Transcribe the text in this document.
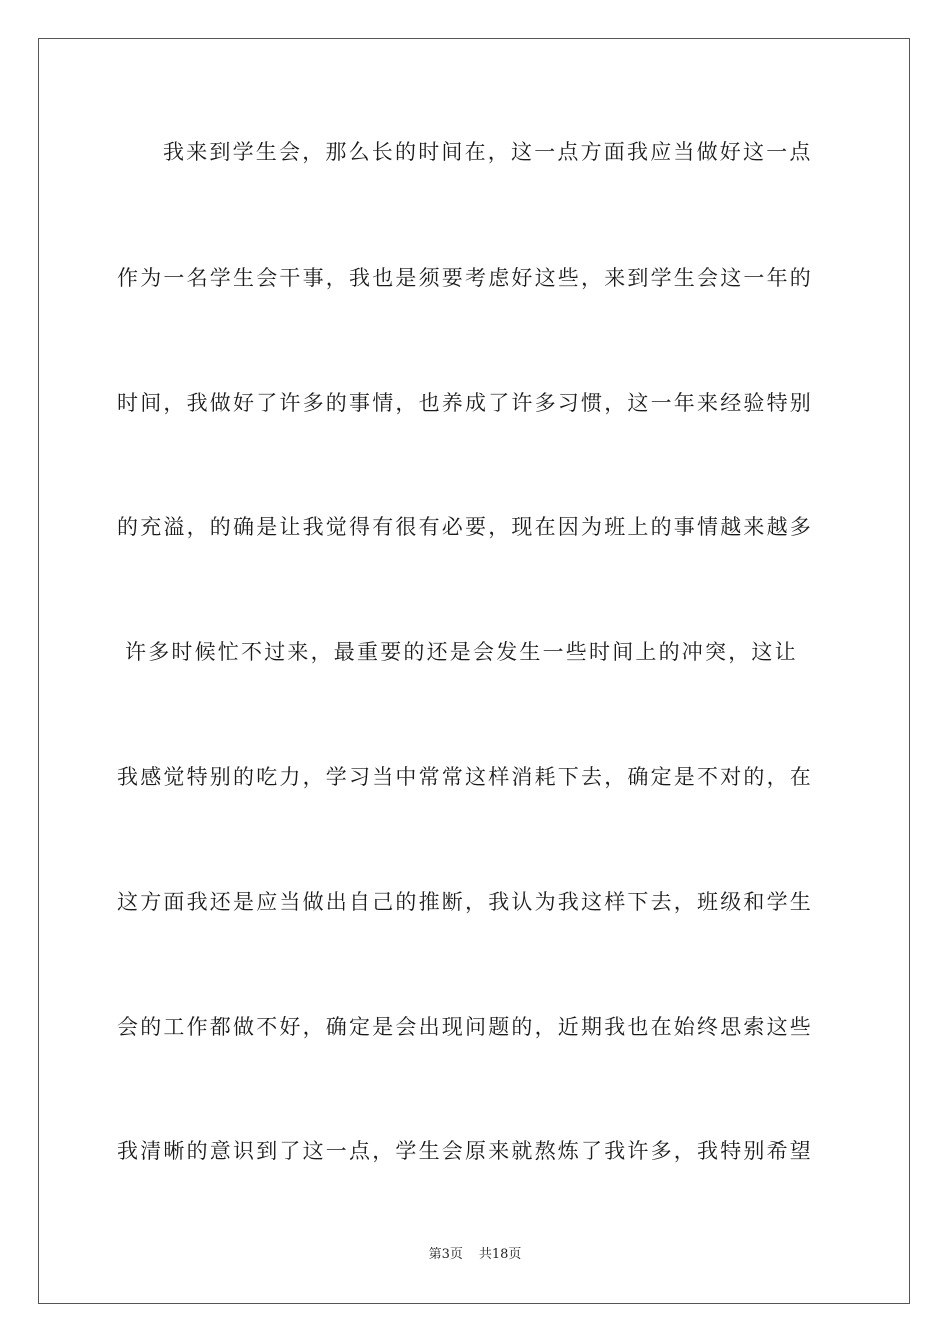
我来到学生会，那么长的时间在，这一点方面我应当做好这一点
作为一名学生会干事，我也是须要考虑好这些，来到学生会这一年的
时间，我做好了许多的事情，也养成了许多习惯，这一年来经验特别
的充溢，的确是让我觉得有很有必要，现在因为班上的事情越来越多
许多时候忙不过来，最重要的还是会发生一些时间上的冲突，这让
我感觉特别的吃力，学习当中常常这样消耗下去，确定是不对的，在
这方面我还是应当做出自己的推断，我认为我这样下去，班级和学生
会的工作都做不好，确定是会出现问题的，近期我也在始终思索这些
我清晰的意识到了这一点，学生会原来就熬炼了我许多，我特别希望
第3页 共18页
